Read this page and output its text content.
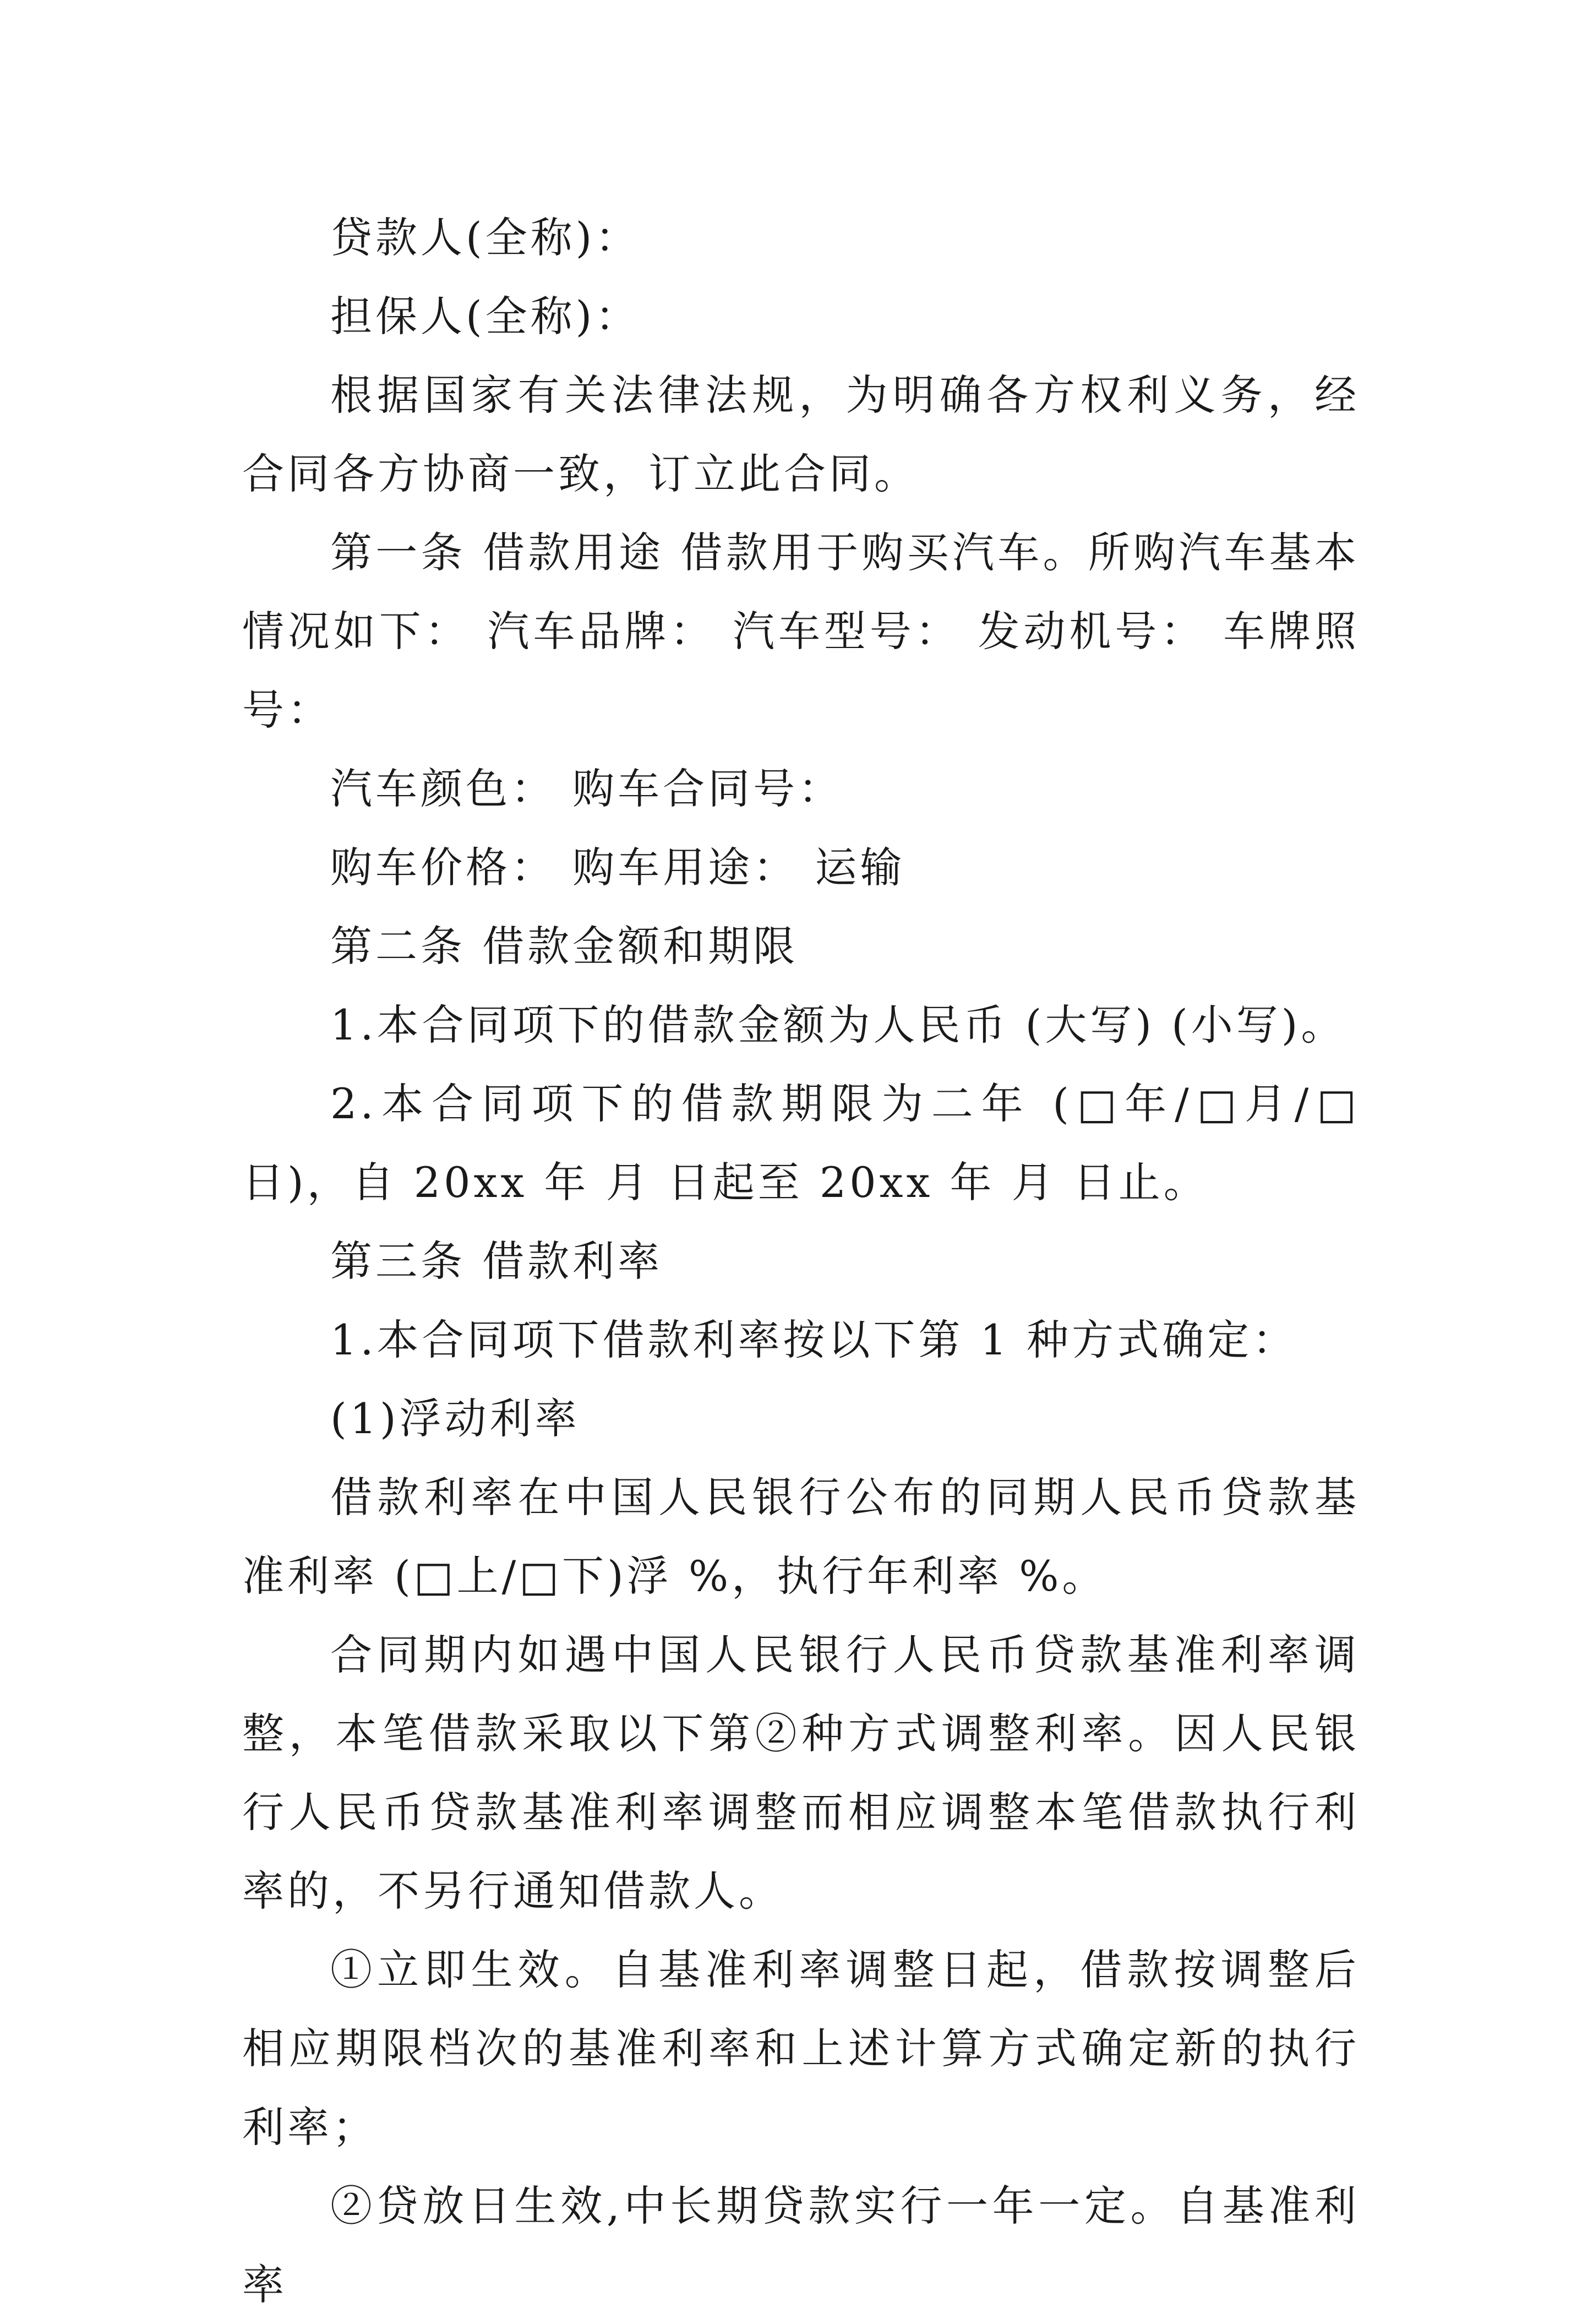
贷款人(全称)：

担保人(全称)：

根据国家有关法律法规，为明确各方权利义务，经合同各方协商一致，订立此合同。

第一条 借款用途 借款用于购买汽车。所购汽车基本情况如下： 汽车品牌： 汽车型号： 发动机号： 车牌照号：

汽车颜色： 购车合同号：

购车价格： 购车用途： 运输

第二条 借款金额和期限

1.本合同项下的借款金额为人民币 (大写) (小写)。

2.本合同项下的借款期限为二年 (□年/□月/□日)，自 20xx 年 月 日起至 20xx 年 月 日止。

第三条 借款利率

1.本合同项下借款利率按以下第 1 种方式确定：

(1)浮动利率

借款利率在中国人民银行公布的同期人民币贷款基准利率 (□上/□下)浮 %，执行年利率 %。

合同期内如遇中国人民银行人民币贷款基准利率调整，本笔借款采取以下第②种方式调整利率。因人民银行人民币贷款基准利率调整而相应调整本笔借款执行利率的，不另行通知借款人。

①立即生效。自基准利率调整日起，借款按调整后相应期限档次的基准利率和上述计算方式确定新的执行利率；

②贷放日生效,中长期贷款实行一年一定。自基准利率
